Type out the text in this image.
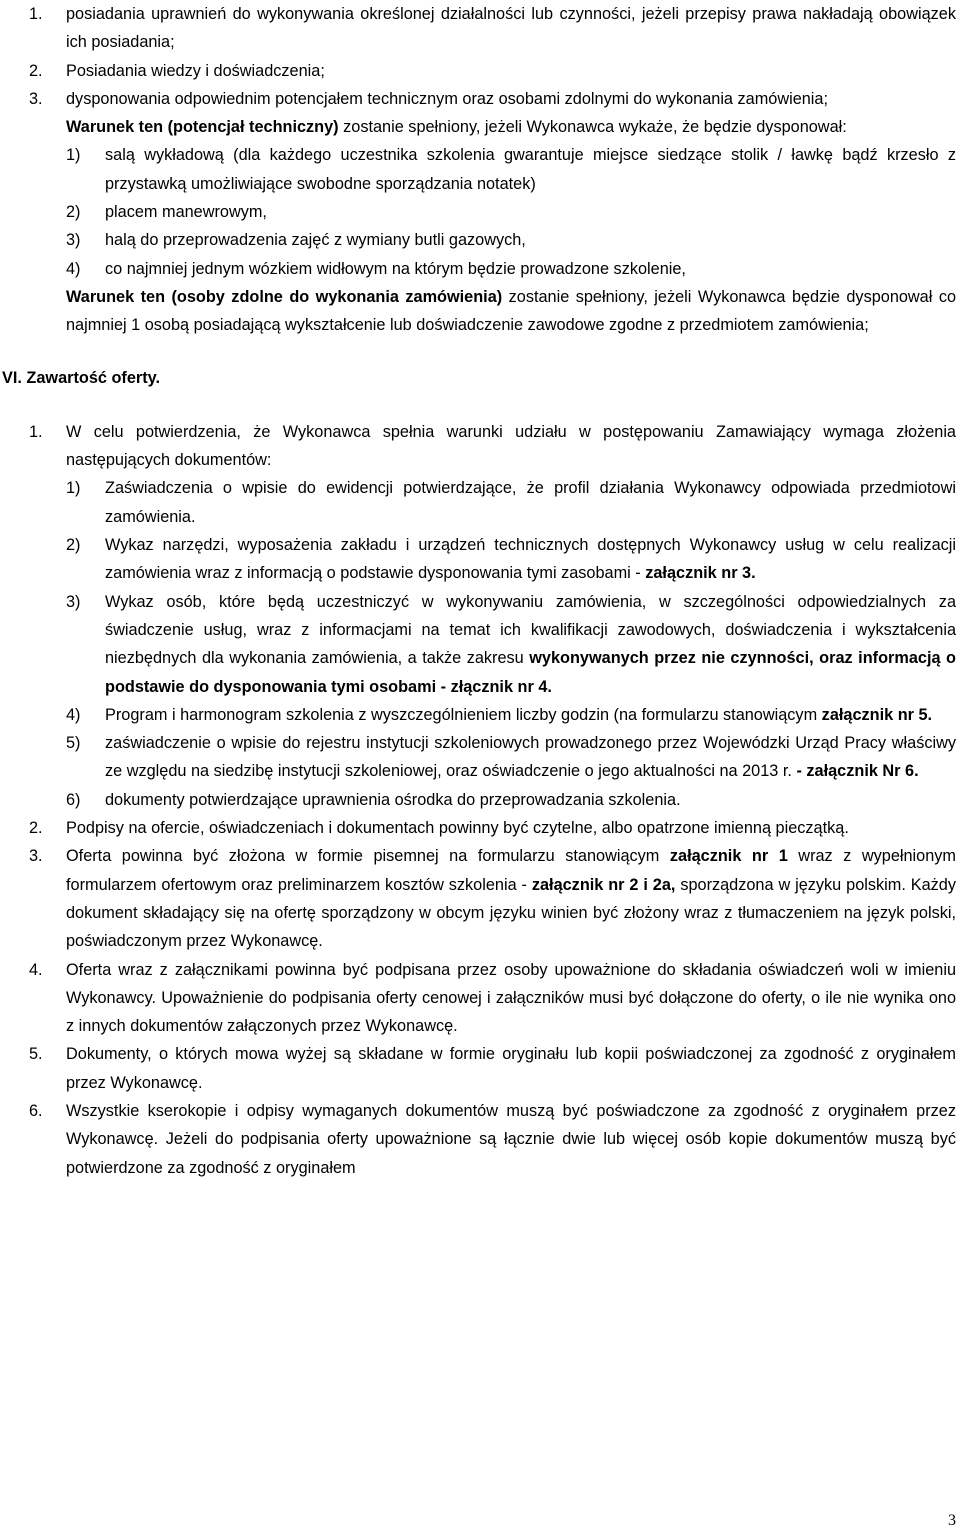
1. posiadania uprawnień do wykonywania określonej działalności lub czynności, jeżeli przepisy prawa nakładają obowiązek ich posiadania;
2. Posiadania wiedzy i doświadczenia;
3. dysponowania odpowiednim potencjałem technicznym oraz osobami zdolnymi do wykonania zamówienia;
Warunek ten (potencjał techniczny) zostanie spełniony, jeżeli Wykonawca wykaże, że będzie dysponował:
1) salą wykładową (dla każdego uczestnika szkolenia gwarantuje miejsce siedzące stolik / ławkę bądź krzesło z przystawką umożliwiające swobodne sporządzania notatek)
2) placem manewrowym,
3) halą do przeprowadzenia zajęć z wymiany butli gazowych,
4) co najmniej jednym wózkiem widłowym na którym będzie prowadzone szkolenie,
Warunek ten (osoby zdolne do wykonania zamówienia) zostanie spełniony, jeżeli Wykonawca będzie dysponował co najmniej 1 osobą posiadającą wykształcenie lub doświadczenie zawodowe zgodne z przedmiotem zamówienia;
VI. Zawartość oferty.
1. W celu potwierdzenia, że Wykonawca spełnia warunki udziału w postępowaniu Zamawiający wymaga złożenia następujących dokumentów:
1) Zaświadczenia o wpisie do ewidencji potwierdzające, że profil działania Wykonawcy odpowiada przedmiotowi zamówienia.
2) Wykaz narzędzi, wyposażenia zakładu i urządzeń technicznych dostępnych Wykonawcy usług w celu realizacji zamówienia wraz z informacją o podstawie dysponowania tymi zasobami - załącznik nr 3.
3) Wykaz osób, które będą uczestniczyć w wykonywaniu zamówienia, w szczególności odpowiedzialnych za świadczenie usług, wraz z informacjami na temat ich kwalifikacji zawodowych, doświadczenia i wykształcenia niezbędnych dla wykonania zamówienia, a także zakresu wykonywanych przez nie czynności, oraz informacją o podstawie do dysponowania tymi osobami - złącznik nr 4.
4) Program i harmonogram szkolenia z wyszczególnieniem liczby godzin (na formularzu stanowiącym załącznik nr 5.
5) zaświadczenie o wpisie do rejestru instytucji szkoleniowych prowadzonego przez Wojewódzki Urząd Pracy właściwy ze względu na siedzibę instytucji szkoleniowej, oraz oświadczenie o jego aktualności na 2013 r. - załącznik Nr 6.
6) dokumenty potwierdzające uprawnienia ośrodka do przeprowadzania szkolenia.
2. Podpisy na ofercie, oświadczeniach i dokumentach powinny być czytelne, albo opatrzone imienną pieczątką.
3. Oferta powinna być złożona w formie pisemnej na formularzu stanowiącym załącznik nr 1 wraz z wypełnionym formularzem ofertowym oraz preliminarzem kosztów szkolenia - załącznik nr 2 i 2a, sporządzona w języku polskim. Każdy dokument składający się na ofertę sporządzony w obcym języku winien być złożony wraz z tłumaczeniem na język polski, poświadczonym przez Wykonawcę.
4. Oferta wraz z załącznikami powinna być podpisana przez osoby upoważnione do składania oświadczeń woli w imieniu Wykonawcy. Upoważnienie do podpisania oferty cenowej i załączników musi być dołączone do oferty, o ile nie wynika ono z innych dokumentów załączonych przez Wykonawcę.
5. Dokumenty, o których mowa wyżej są składane w formie oryginału lub kopii poświadczonej za zgodność z oryginałem przez Wykonawcę.
6. Wszystkie kserokopie i odpisy wymaganych dokumentów muszą być poświadczone za zgodność z oryginałem przez Wykonawcę. Jeżeli do podpisania oferty upoważnione są łącznie dwie lub więcej osób kopie dokumentów muszą być potwierdzone za zgodność z oryginałem
3
